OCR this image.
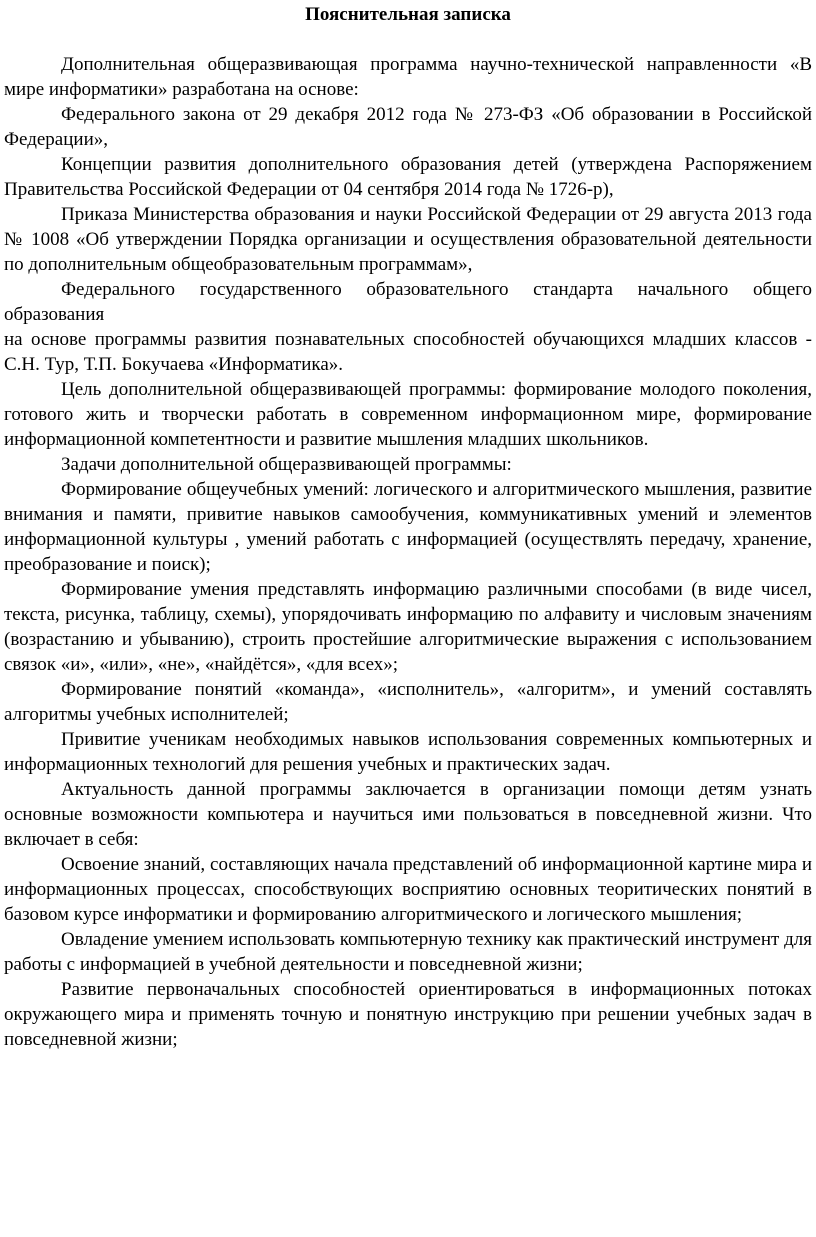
Пояснительная записка

Дополнительная общеразвивающая программа научно-технической направленности «В мире информатики» разработана на основе:

Федерального закона от 29 декабря 2012 года № 273-ФЗ «Об образовании в Российской Федерации»,

Концепции развития дополнительного образования детей (утверждена Распоряжением Правительства Российской Федерации от 04 сентября 2014 года № 1726-р),

Приказа Министерства образования и науки Российской Федерации от 29 августа 2013 года № 1008 «Об утверждении Порядка организации и осуществления образовательной деятельности по дополнительным общеобразовательным программам»,

Федерального государственного образовательного стандарта начального общего образования

на основе программы развития познавательных способностей обучающихся младших классов - С.Н. Тур, Т.П. Бокучаева «Информатика».

Цель дополнительной общеразвивающей программы: формирование молодого поколения, готового жить и творчески работать в современном информационном мире, формирование информационной компетентности и развитие мышления младших школьников.

Задачи дополнительной общеразвивающей программы:

Формирование общеучебных умений: логического и алгоритмического мышления, развитие внимания и памяти, привитие навыков самообучения, коммуникативных умений и элементов информационной культуры , умений работать с информацией (осуществлять передачу, хранение, преобразование и поиск);

Формирование умения представлять информацию различными способами (в виде чисел, текста, рисунка, таблицу, схемы), упорядочивать информацию по алфавиту и числовым значениям (возрастанию и убыванию), строить простейшие алгоритмические выражения с использованием связок «и», «или», «не», «найдётся», «для всех»;

Формирование понятий «команда», «исполнитель», «алгоритм», и умений составлять алгоритмы учебных исполнителей;

Привитие ученикам необходимых навыков использования современных компьютерных и информационных технологий для решения учебных и практических задач.

Актуальность данной программы заключается в организации помощи детям узнать основные возможности компьютера и научиться ими пользоваться в повседневной жизни. Что включает в себя:

Освоение знаний, составляющих начала представлений об информационной картине мира и информационных процессах, способствующих восприятию основных теоритических понятий в базовом курсе информатики и формированию алгоритмического и логического мышления;

Овладение умением использовать компьютерную технику как практический инструмент для работы с информацией в учебной деятельности и повседневной жизни;

Развитие первоначальных способностей ориентироваться в информационных потоках окружающего мира и применять точную и понятную инструкцию при решении учебных задач в повседневной жизни;
